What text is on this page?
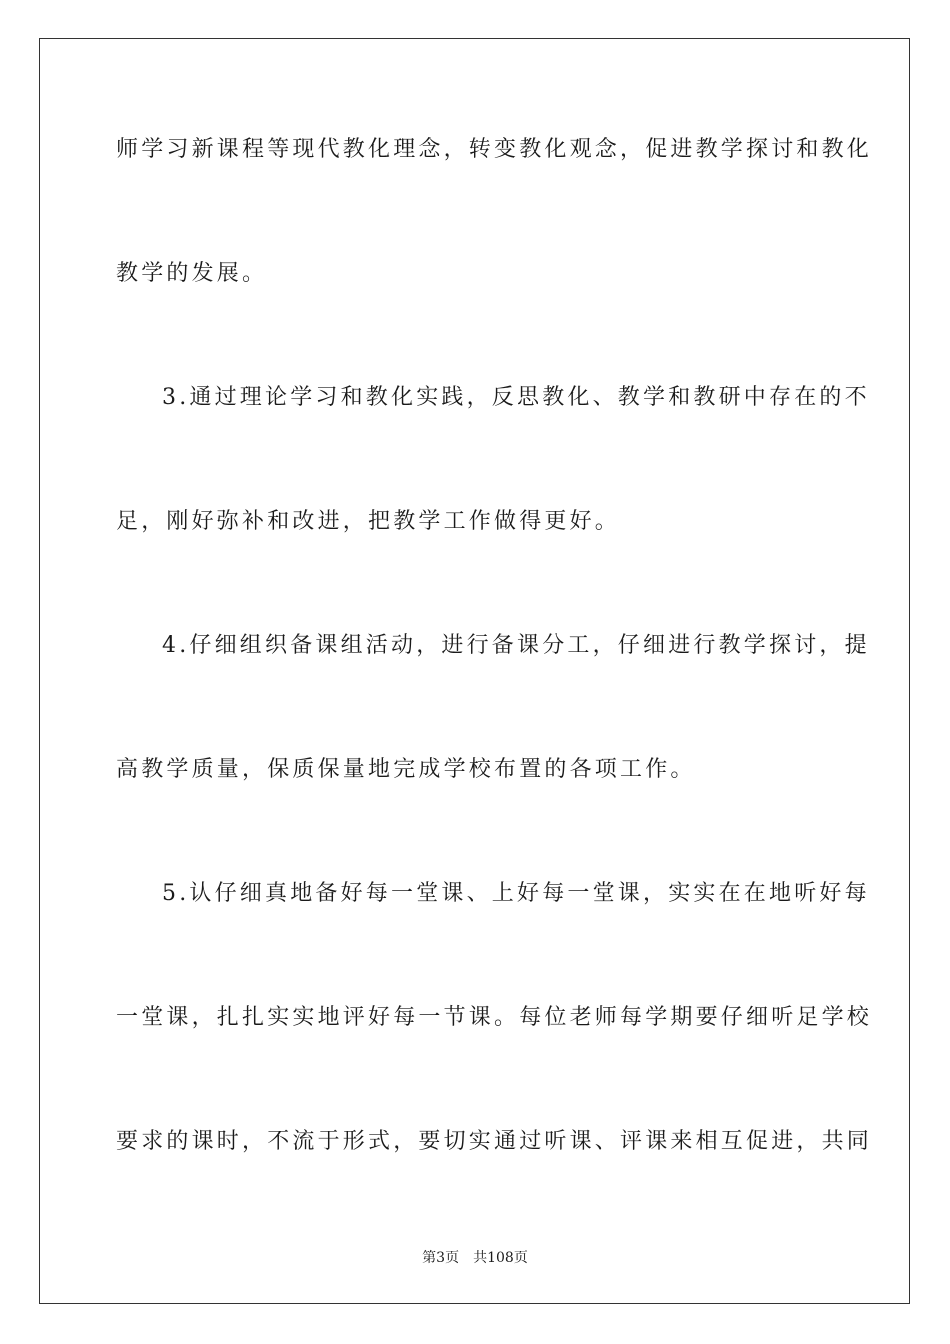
师学习新课程等现代教化理念，转变教化观念，促进教学探讨和教化
教学的发展。
3.通过理论学习和教化实践，反思教化、教学和教研中存在的不
足，刚好弥补和改进，把教学工作做得更好。
4.仔细组织备课组活动，进行备课分工，仔细进行教学探讨，提
高教学质量，保质保量地完成学校布置的各项工作。
5.认仔细真地备好每一堂课、上好每一堂课，实实在在地听好每
一堂课，扎扎实实地评好每一节课。每位老师每学期要仔细听足学校
要求的课时，不流于形式，要切实通过听课、评课来相互促进，共同
第3页 共108页
